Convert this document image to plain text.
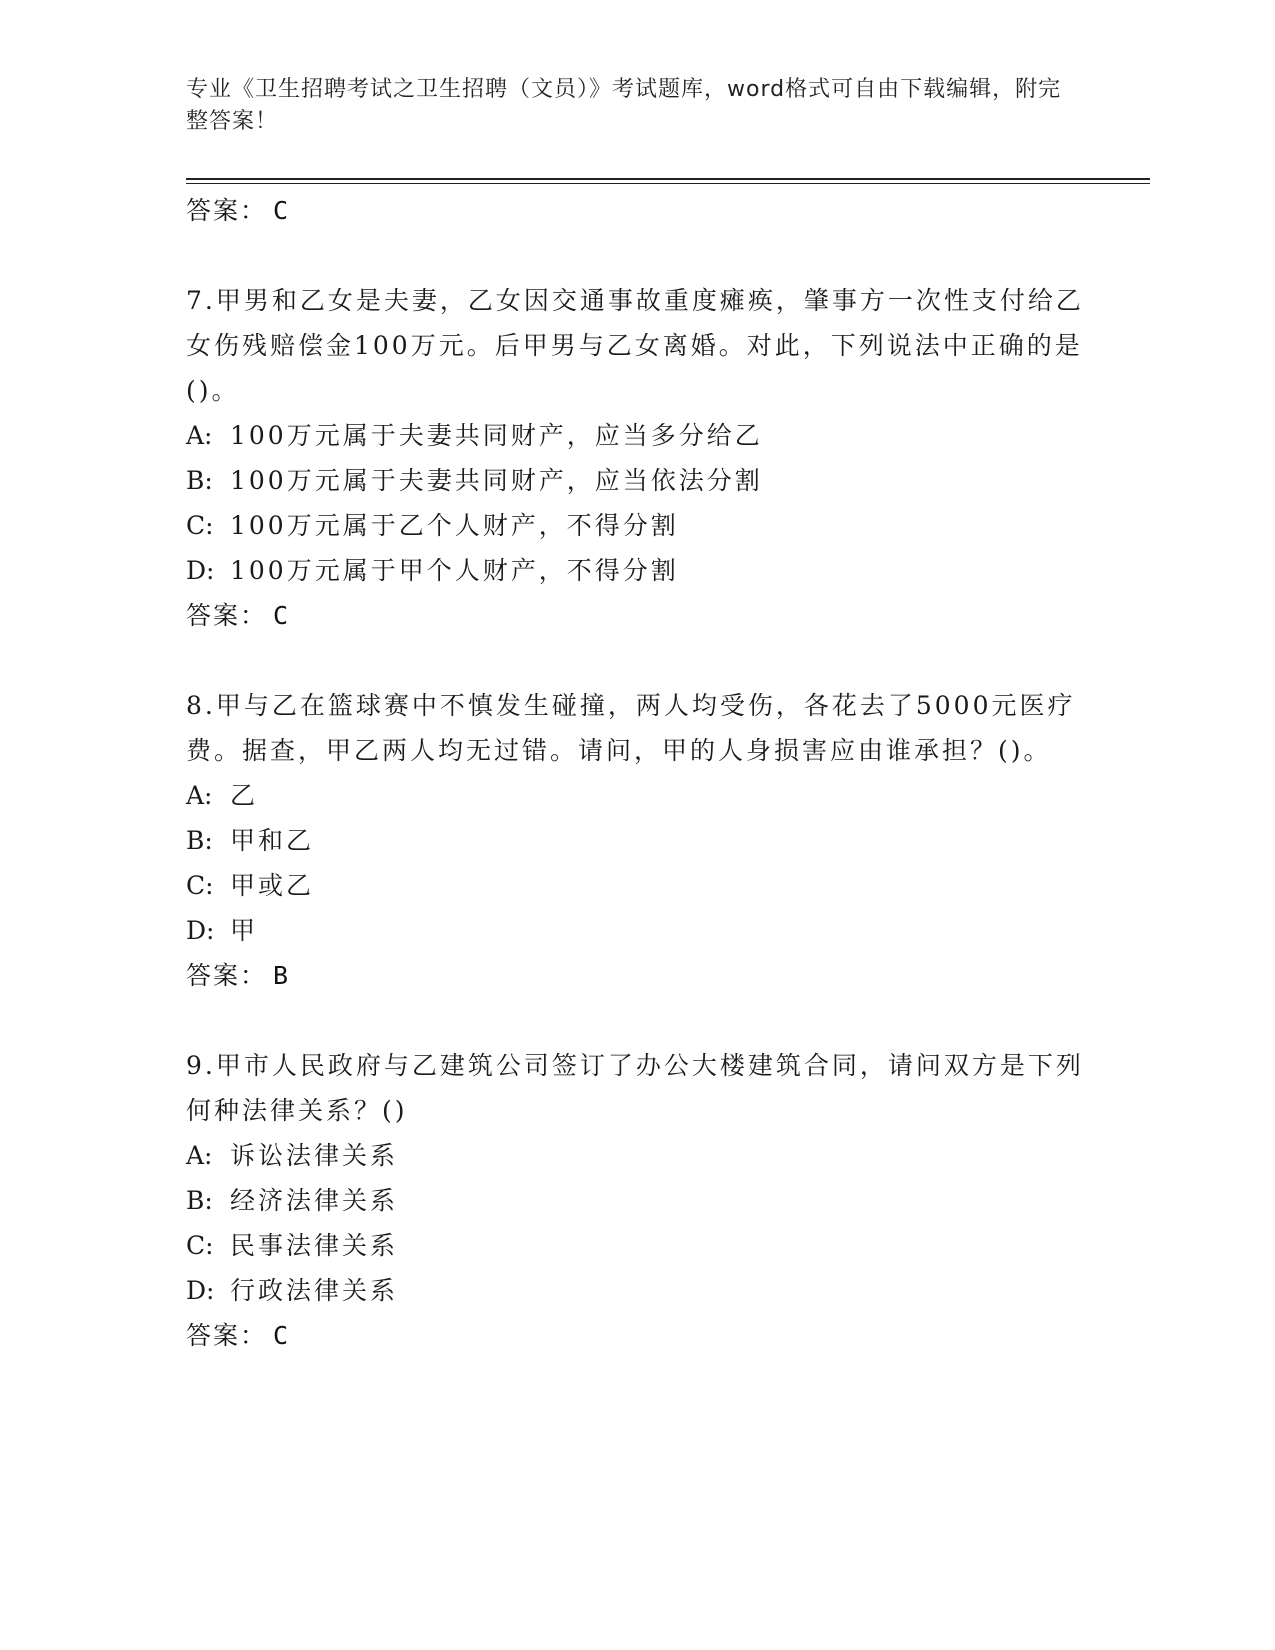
专业《卫生招聘考试之卫生招聘（文员）》考试题库，word格式可自由下载编辑，附完整答案！
答案： C

7.甲男和乙女是夫妻，乙女因交通事故重度瘫痪，肇事方一次性支付给乙女伤残赔偿金100万元。后甲男与乙女离婚。对此，下列说法中正确的是()。

A: 100万元属于夫妻共同财产，应当多分给乙
B: 100万元属于夫妻共同财产，应当依法分割
C: 100万元属于乙个人财产，不得分割
D: 100万元属于甲个人财产，不得分割
答案： C

8.甲与乙在篮球赛中不慎发生碰撞，两人均受伤，各花去了5000元医疗费。据查，甲乙两人均无过错。请问，甲的人身损害应由谁承担？()。

A: 乙
B: 甲和乙
C: 甲或乙
D: 甲
答案： B

9.甲市人民政府与乙建筑公司签订了办公大楼建筑合同，请问双方是下列何种法律关系？()

A: 诉讼法律关系
B: 经济法律关系
C: 民事法律关系
D: 行政法律关系
答案： C
